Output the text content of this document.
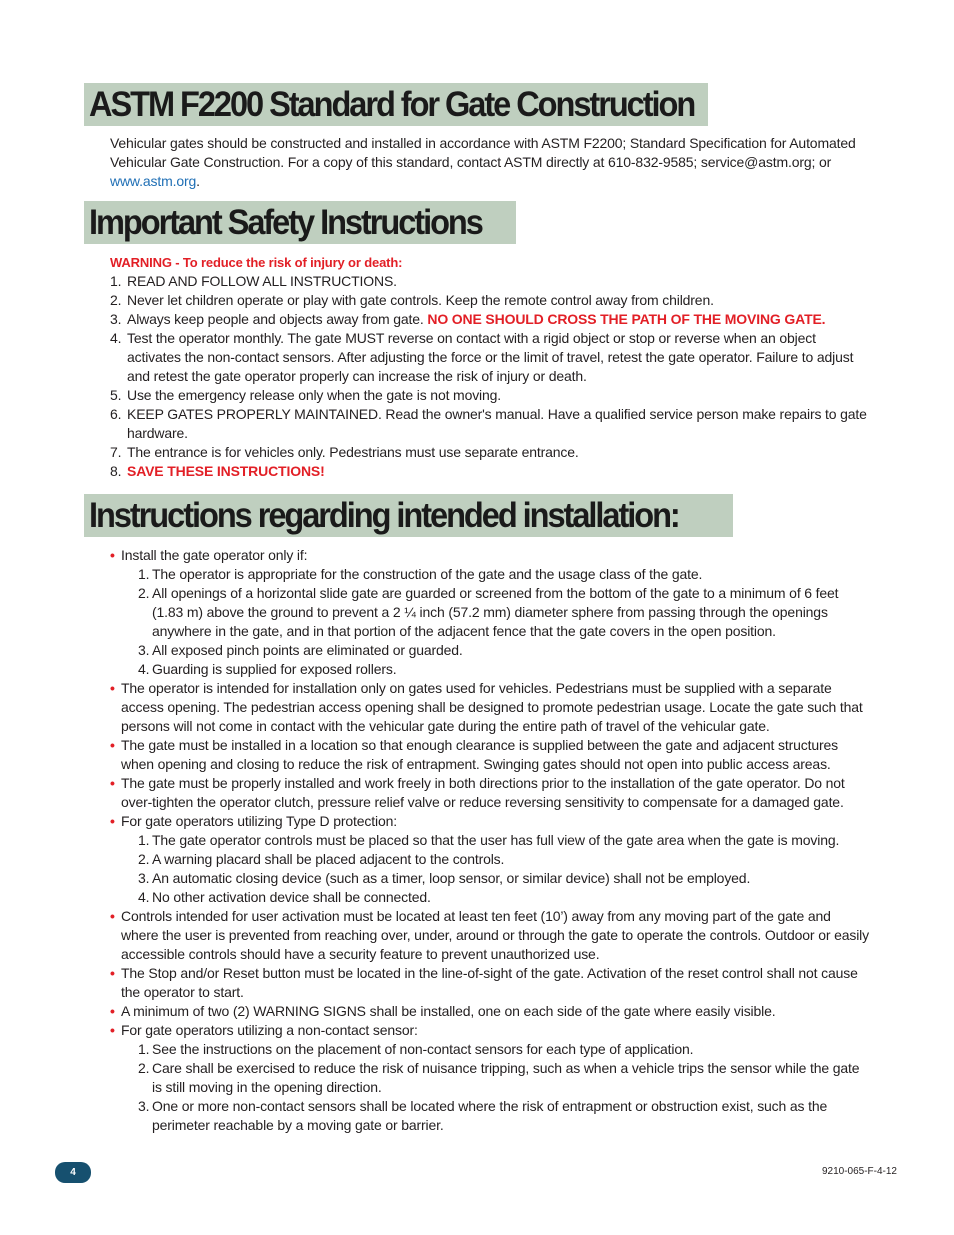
ASTM F2200 Standard for Gate Construction

Vehicular gates should be constructed and installed in accordance with ASTM F2200; Standard Specification for Automated Vehicular Gate Construction. For a copy of this standard, contact ASTM directly at 610-832-9585; service@astm.org; or www.astm.org.

Important Safety Instructions

WARNING - To reduce the risk of injury or death:

1. READ AND FOLLOW ALL INSTRUCTIONS.
2. Never let children operate or play with gate controls. Keep the remote control away from children.
3. Always keep people and objects away from gate. NO ONE SHOULD CROSS THE PATH OF THE MOVING GATE.
4. Test the operator monthly. The gate MUST reverse on contact with a rigid object or stop or reverse when an object activates the non-contact sensors. After adjusting the force or the limit of travel, retest the gate operator. Failure to adjust and retest the gate operator properly can increase the risk of injury or death.
5. Use the emergency release only when the gate is not moving.
6. KEEP GATES PROPERLY MAINTAINED. Read the owner's manual. Have a qualified service person make repairs to gate hardware.
7. The entrance is for vehicles only. Pedestrians must use separate entrance.
8. SAVE THESE INSTRUCTIONS!
Instructions regarding intended installation:
• Install the gate operator only if:
1. The operator is appropriate for the construction of the gate and the usage class of the gate.
2. All openings of a horizontal slide gate are guarded or screened from the bottom of the gate to a minimum of 6 feet (1.83 m) above the ground to prevent a 2 ¼ inch (57.2 mm) diameter sphere from passing through the openings anywhere in the gate, and in that portion of the adjacent fence that the gate covers in the open position.
3. All exposed pinch points are eliminated or guarded.
4. Guarding is supplied for exposed rollers.
• The operator is intended for installation only on gates used for vehicles. Pedestrians must be supplied with a separate access opening. The pedestrian access opening shall be designed to promote pedestrian usage. Locate the gate such that persons will not come in contact with the vehicular gate during the entire path of travel of the vehicular gate.
• The gate must be installed in a location so that enough clearance is supplied between the gate and adjacent structures when opening and closing to reduce the risk of entrapment. Swinging gates should not open into public access areas.
• The gate must be properly installed and work freely in both directions prior to the installation of the gate operator. Do not over-tighten the operator clutch, pressure relief valve or reduce reversing sensitivity to compensate for a damaged gate.
• For gate operators utilizing Type D protection:
1. The gate operator controls must be placed so that the user has full view of the gate area when the gate is moving.
2. A warning placard shall be placed adjacent to the controls.
3. An automatic closing device (such as a timer, loop sensor, or similar device) shall not be employed.
4. No other activation device shall be connected.
• Controls intended for user activation must be located at least ten feet (10’) away from any moving part of the gate and where the user is prevented from reaching over, under, around or through the gate to operate the controls. Outdoor or easily accessible controls should have a security feature to prevent unauthorized use.
• The Stop and/or Reset button must be located in the line-of-sight of the gate. Activation of the reset control shall not cause the operator to start.
• A minimum of two (2) WARNING SIGNS shall be installed, one on each side of the gate where easily visible.
• For gate operators utilizing a non-contact sensor:
1. See the instructions on the placement of non-contact sensors for each type of application.
2. Care shall be exercised to reduce the risk of nuisance tripping, such as when a vehicle trips the sensor while the gate is still moving in the opening direction.
3. One or more non-contact sensors shall be located where the risk of entrapment or obstruction exist, such as the perimeter reachable by a moving gate or barrier.
4	9210-065-F-4-12
